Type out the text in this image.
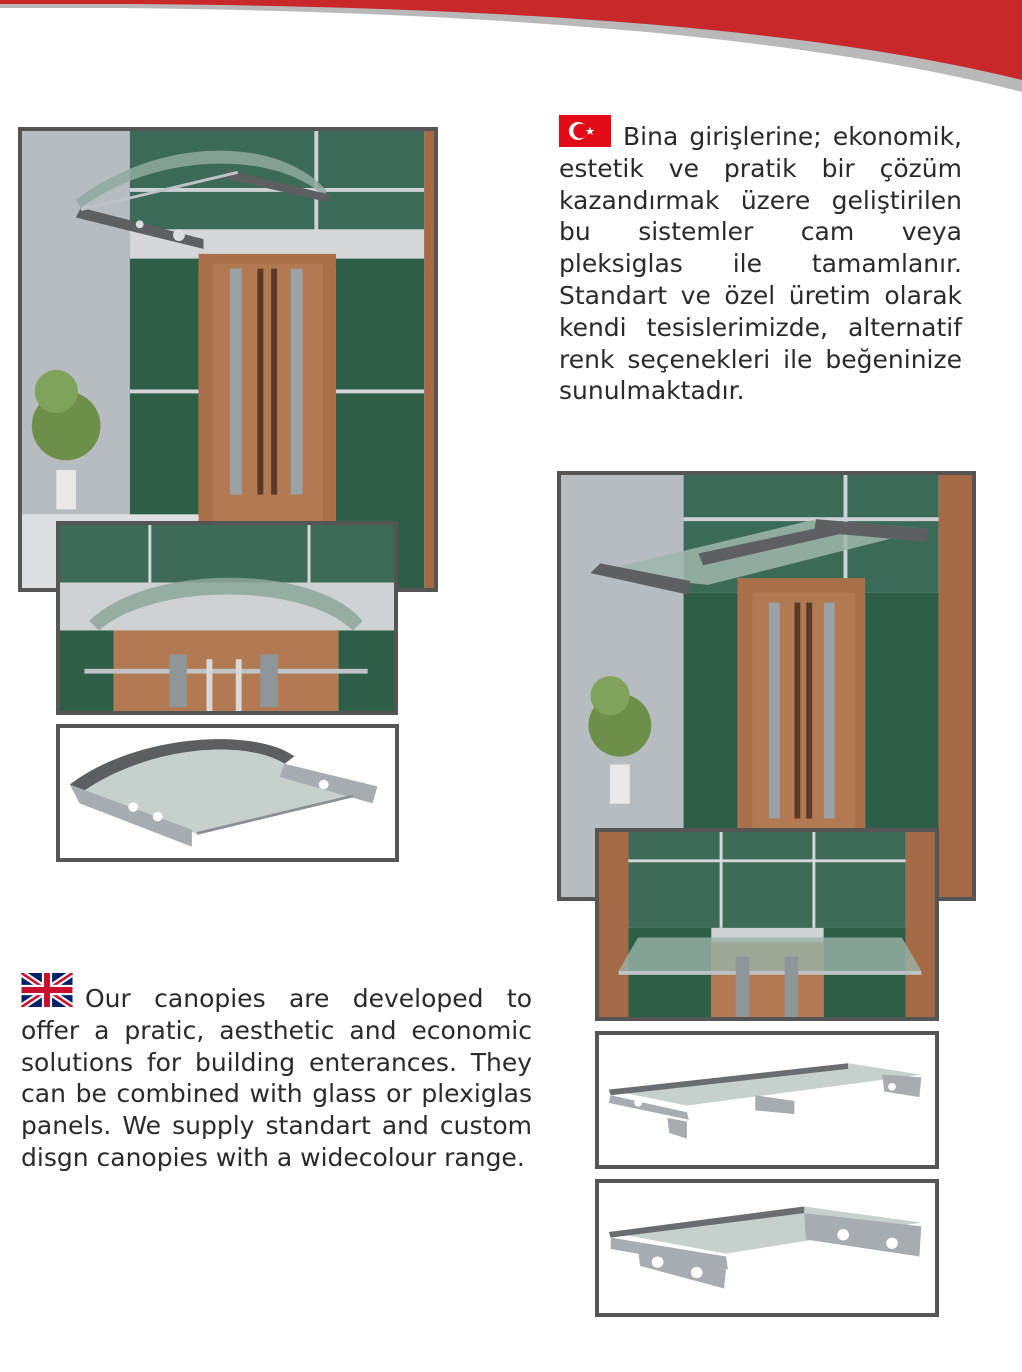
Bina girişlerine; ekonomik, estetik ve pratik bir çözüm kazandırmak üzere geliştirilen bu sistemler cam veya pleksiglas ile tamamlanır. Standart ve özel üretim olarak kendi tesislerimizde, alternatif renk seçenekleri ile beğeninize sunulmaktadır.
Our canopies are developed to offer a pratic, aesthetic and economic solutions for building enterances. They can be combined with glass or plexiglas panels. We supply standart and custom disgn canopies with a widecolour range.
